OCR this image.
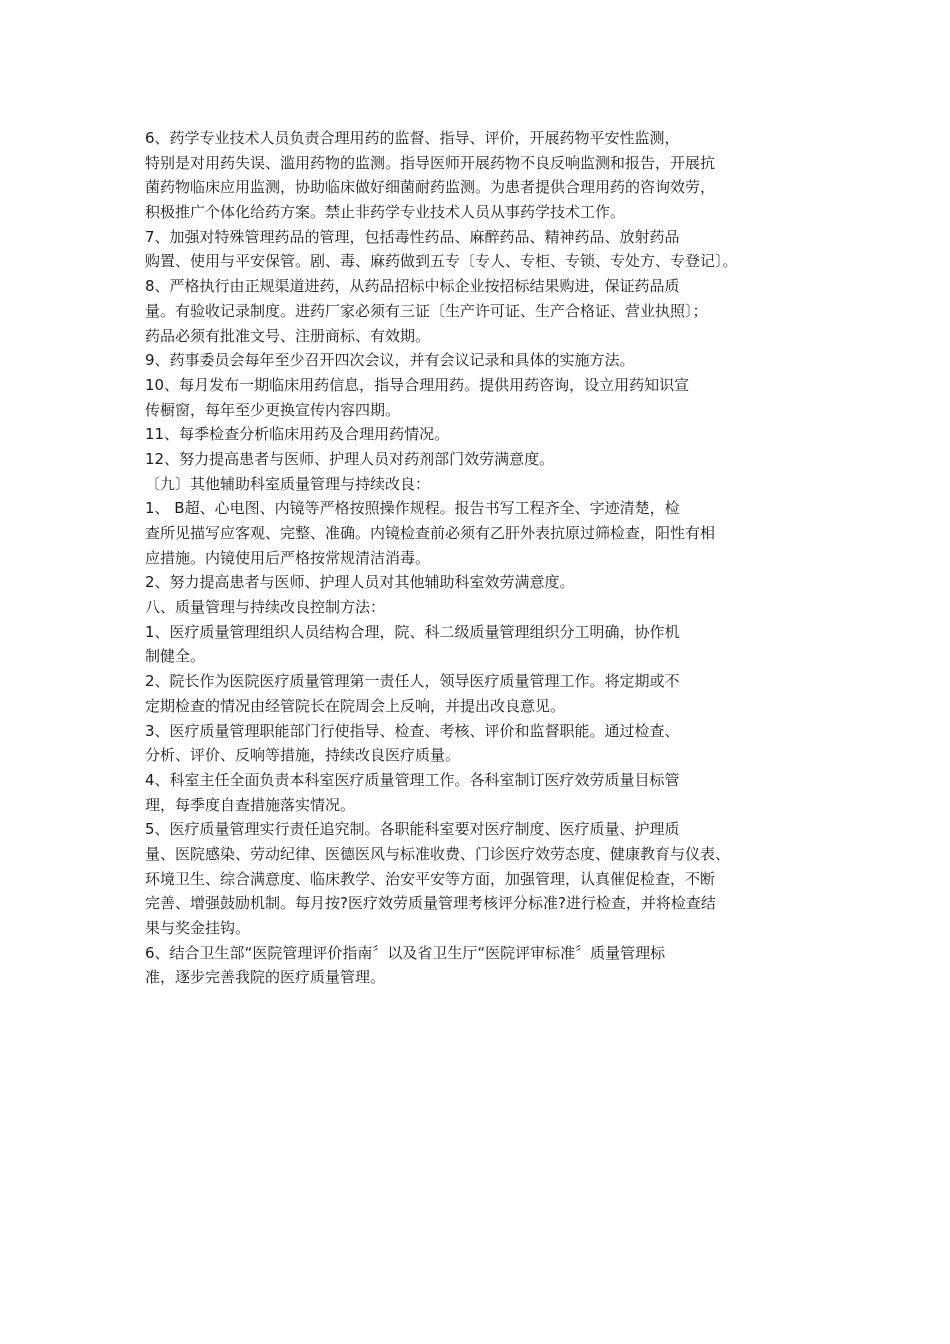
6、药学专业技术人员负责合理用药的监督、指导、评价，开展药物平安性监测，
特别是对用药失误、滥用药物的监测。指导医师开展药物不良反响监测和报告，开展抗
菌药物临床应用监测，协助临床做好细菌耐药监测。为患者提供合理用药的咨询效劳，
积极推广个体化给药方案。禁止非药学专业技术人员从事药学技术工作。
7、加强对特殊管理药品的管理，包括毒性药品、麻醉药品、精神药品、放射药品
购置、使用与平安保管。剧、毒、麻药做到五专〔专人、专柜、专锁、专处方、专登记〕。
8、严格执行由正规渠道进药，从药品招标中标企业按招标结果购进，保证药品质
量。有验收记录制度。进药厂家必须有三证〔生产许可证、生产合格证、营业执照〕；
药品必须有批准文号、注册商标、有效期。
9、药事委员会每年至少召开四次会议，并有会议记录和具体的实施方法。
10、每月发布一期临床用药信息，指导合理用药。提供用药咨询，设立用药知识宣
传橱窗，每年至少更换宣传内容四期。
11、每季检查分析临床用药及合理用药情况。
12、努力提高患者与医师、护理人员对药剂部门效劳满意度。
〔九〕其他辅助科室质量管理与持续改良：
1、 B超、心电图、内镜等严格按照操作规程。报告书写工程齐全、字迹清楚，检
查所见描写应客观、完整、准确。内镜检查前必须有乙肝外表抗原过筛检查，阳性有相
应措施。内镜使用后严格按常规清洁消毒。
2、努力提高患者与医师、护理人员对其他辅助科室效劳满意度。
八、质量管理与持续改良控制方法：
1、医疗质量管理组织人员结构合理，院、科二级质量管理组织分工明确，协作机
制健全。
2、院长作为医院医疗质量管理第一责任人，领导医疗质量管理工作。将定期或不
定期检查的情况由经管院长在院周会上反响，并提出改良意见。
3、医疗质量管理职能部门行使指导、检查、考核、评价和监督职能。通过检查、
分析、评价、反响等措施，持续改良医疗质量。
4、科室主任全面负责本科室医疗质量管理工作。各科室制订医疗效劳质量目标管
理，每季度自查措施落实情况。
5、医疗质量管理实行责任追究制。各职能科室要对医疗制度、医疗质量、护理质
量、医院感染、劳动纪律、医德医风与标准收费、门诊医疗效劳态度、健康教育与仪表、
环境卫生、综合满意度、临床教学、治安平安等方面，加强管理，认真催促检查，不断
完善、增强鼓励机制。每月按?医疗效劳质量管理考核评分标准?进行检查，并将检查结
果与奖金挂钩。
6、结合卫生部“医院管理评价指南〞以及省卫生厅“医院评审标准〞质量管理标
准，逐步完善我院的医疗质量管理。
